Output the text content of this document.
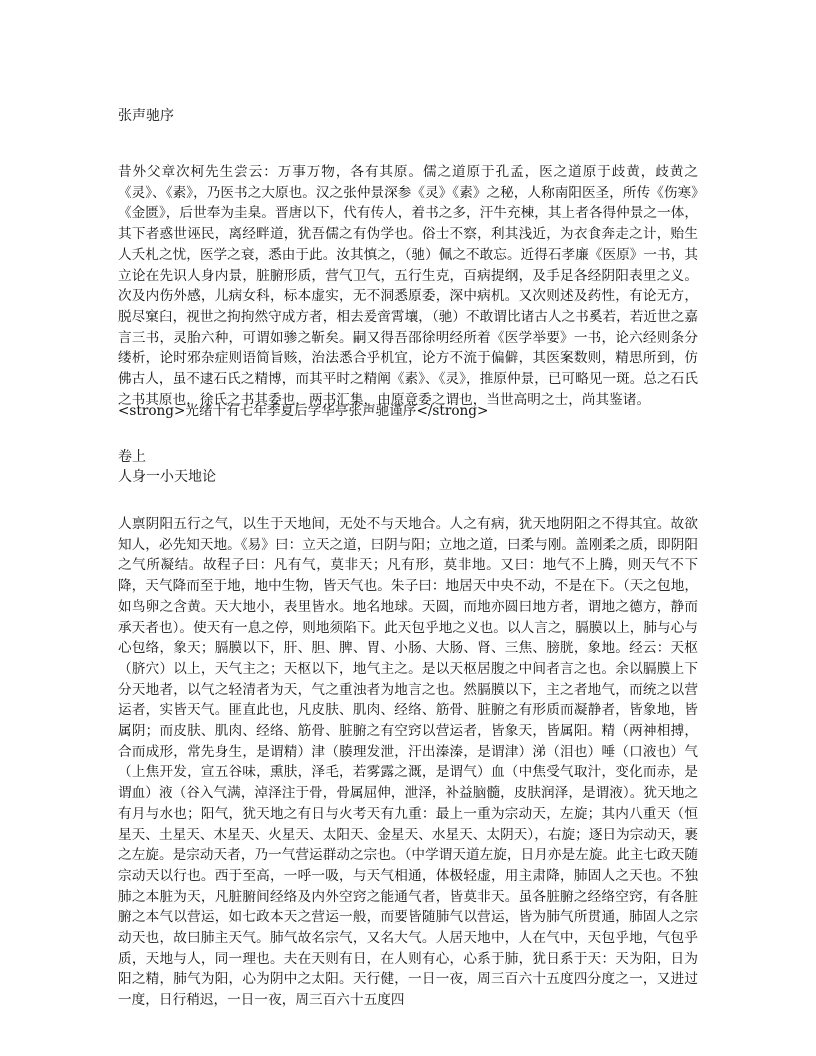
张声驰序

昔外父章次柯先生尝云：万事万物，各有其原。儒之道原于孔孟，医之道原于歧黄，歧黄之《灵》、《素》，乃医书之大原也。汉之张仲景深参《灵》《素》之秘，人称南阳医圣，所传《伤寒》《金匮》，后世奉为圭臬。晋唐以下，代有传人，着书之多，汗牛充棟，其上者各得仲景之一体，其下者惑世诬民，离经畔道，犹吾儒之有伪学也。俗士不察，利其浅近，为衣食奔走之计，贻生人夭札之忧，医学之衰，悉由于此。汝其慎之，（驰）佩之不敢忘。近得石孝廉《医原》一书，其立论在先识人身内景，脏腑形质，营气卫气，五行生克，百病提纲，及手足各经阴阳表里之义。次及内伤外感，儿病女科，标本虚实，无不洞悉原委，深中病机。又次则述及药性，有论无方，脱尽窠臼，视世之拘拘然守成方者，相去爰啻霄壤，（驰）不敢谓比诸古人之书奚若，若近世之嘉言三书，灵胎六种，可谓如骖之靳矣。嗣又得吾邵徐明经所着《医学举要》一书，论六经则条分缕析，论时邪杂症则语简旨赅，治法悉合乎机宜，论方不流于偏僻，其医案数则，精思所到，仿佛古人，虽不逮石氏之精博，而其平时之精阐《素》、《灵》，推原仲景，已可略见一斑。总之石氏之书其原也，徐氏之书其委也，两书汇集，由原竟委之谓也，当世高明之士，尚其鉴诸。

<strong>光绪十有七年季夏后学华亭张声驰谨序</strong>

卷上
人身一小天地论

人禀阴阳五行之气，以生于天地间，无处不与天地合。人之有病，犹天地阴阳之不得其宜。故欲知人，必先知天地。《易》曰：立天之道，曰阴与阳；立地之道，曰柔与刚。盖刚柔之质，即阴阳之气所凝结。故程子曰：凡有气，莫非天；凡有形，莫非地。又曰：地气不上腾，则天气不下降，天气降而至于地，地中生物，皆天气也。朱子曰：地居天中央不动，不是在下。（天之包地，如鸟卵之含黄。天大地小，表里皆水。地名地球。天圆，而地亦圆曰地方者，谓地之德方，静而承天者也）。使天有一息之停，则地须陷下。此天包乎地之义也。以人言之，膈膜以上，肺与心与心包络，象天；膈膜以下，肝、胆、脾、胃、小肠、大肠、肾、三焦、膀胱，象地。经云：天枢（脐穴）以上，天气主之；天枢以下，地气主之。是以天枢居腹之中间者言之也。余以膈膜上下分天地者，以气之轻清者为天，气之重浊者为地言之也。然膈膜以下，主之者地气，而统之以营运者，实皆天气。匪直此也，凡皮肤、肌肉、经络、筋骨、脏腑之有形质而凝静者，皆象地，皆属阴；而皮肤、肌肉、经络、筋骨、脏腑之有空窍以营运者，皆象天，皆属阳。精（两神相搏，合而成形，常先身生，是谓精）津（腠理发泄，汗出溱溱，是谓津）涕（泪也）唾（口液也）气（上焦开发，宣五谷味，熏肤，泽毛，若雾露之溉，是谓气）血（中焦受气取汁，变化而赤，是谓血）液（谷入气满，淖泽注于骨，骨属屈伸，泄泽，补益脑髓，皮肤润泽，是谓液）。犹天地之有月与水也；阳气，犹天地之有日与火考天有九重：最上一重为宗动天，左旋；其内八重天（恒星天、土星天、木星天、火星天、太阳天、金星天、水星天、太阴天），右旋；逐日为宗动天，裹之左旋。是宗动天者，乃一气营运群动之宗也。（中学谓天道左旋，日月亦是左旋。此主七政天随宗动天以行也。西于至高，一呼一吸，与天气相通，体极轻虚，用主肃降，肺固人之天也。不独肺之本脏为天，凡脏腑间经络及内外空窍之能通气者，皆莫非天。虽各脏腑之经络空窍，有各脏腑之本气以营运，如七政本天之营运一般，而要皆随肺气以营运，皆为肺气所贯通，肺固人之宗动天也，故曰肺主天气。肺气故名宗气，又名大气。人居天地中，人在气中，天包乎地，气包乎质，天地与人，同一理也。夫在天则有日，在人则有心，心系于肺，犹日系于天：天为阳，日为阳之精，肺气为阳，心为阴中之太阳。天行健，一日一夜，周三百六十五度四分度之一，又进过一度，日行稍迟，一日一夜，周三百六十五度四
